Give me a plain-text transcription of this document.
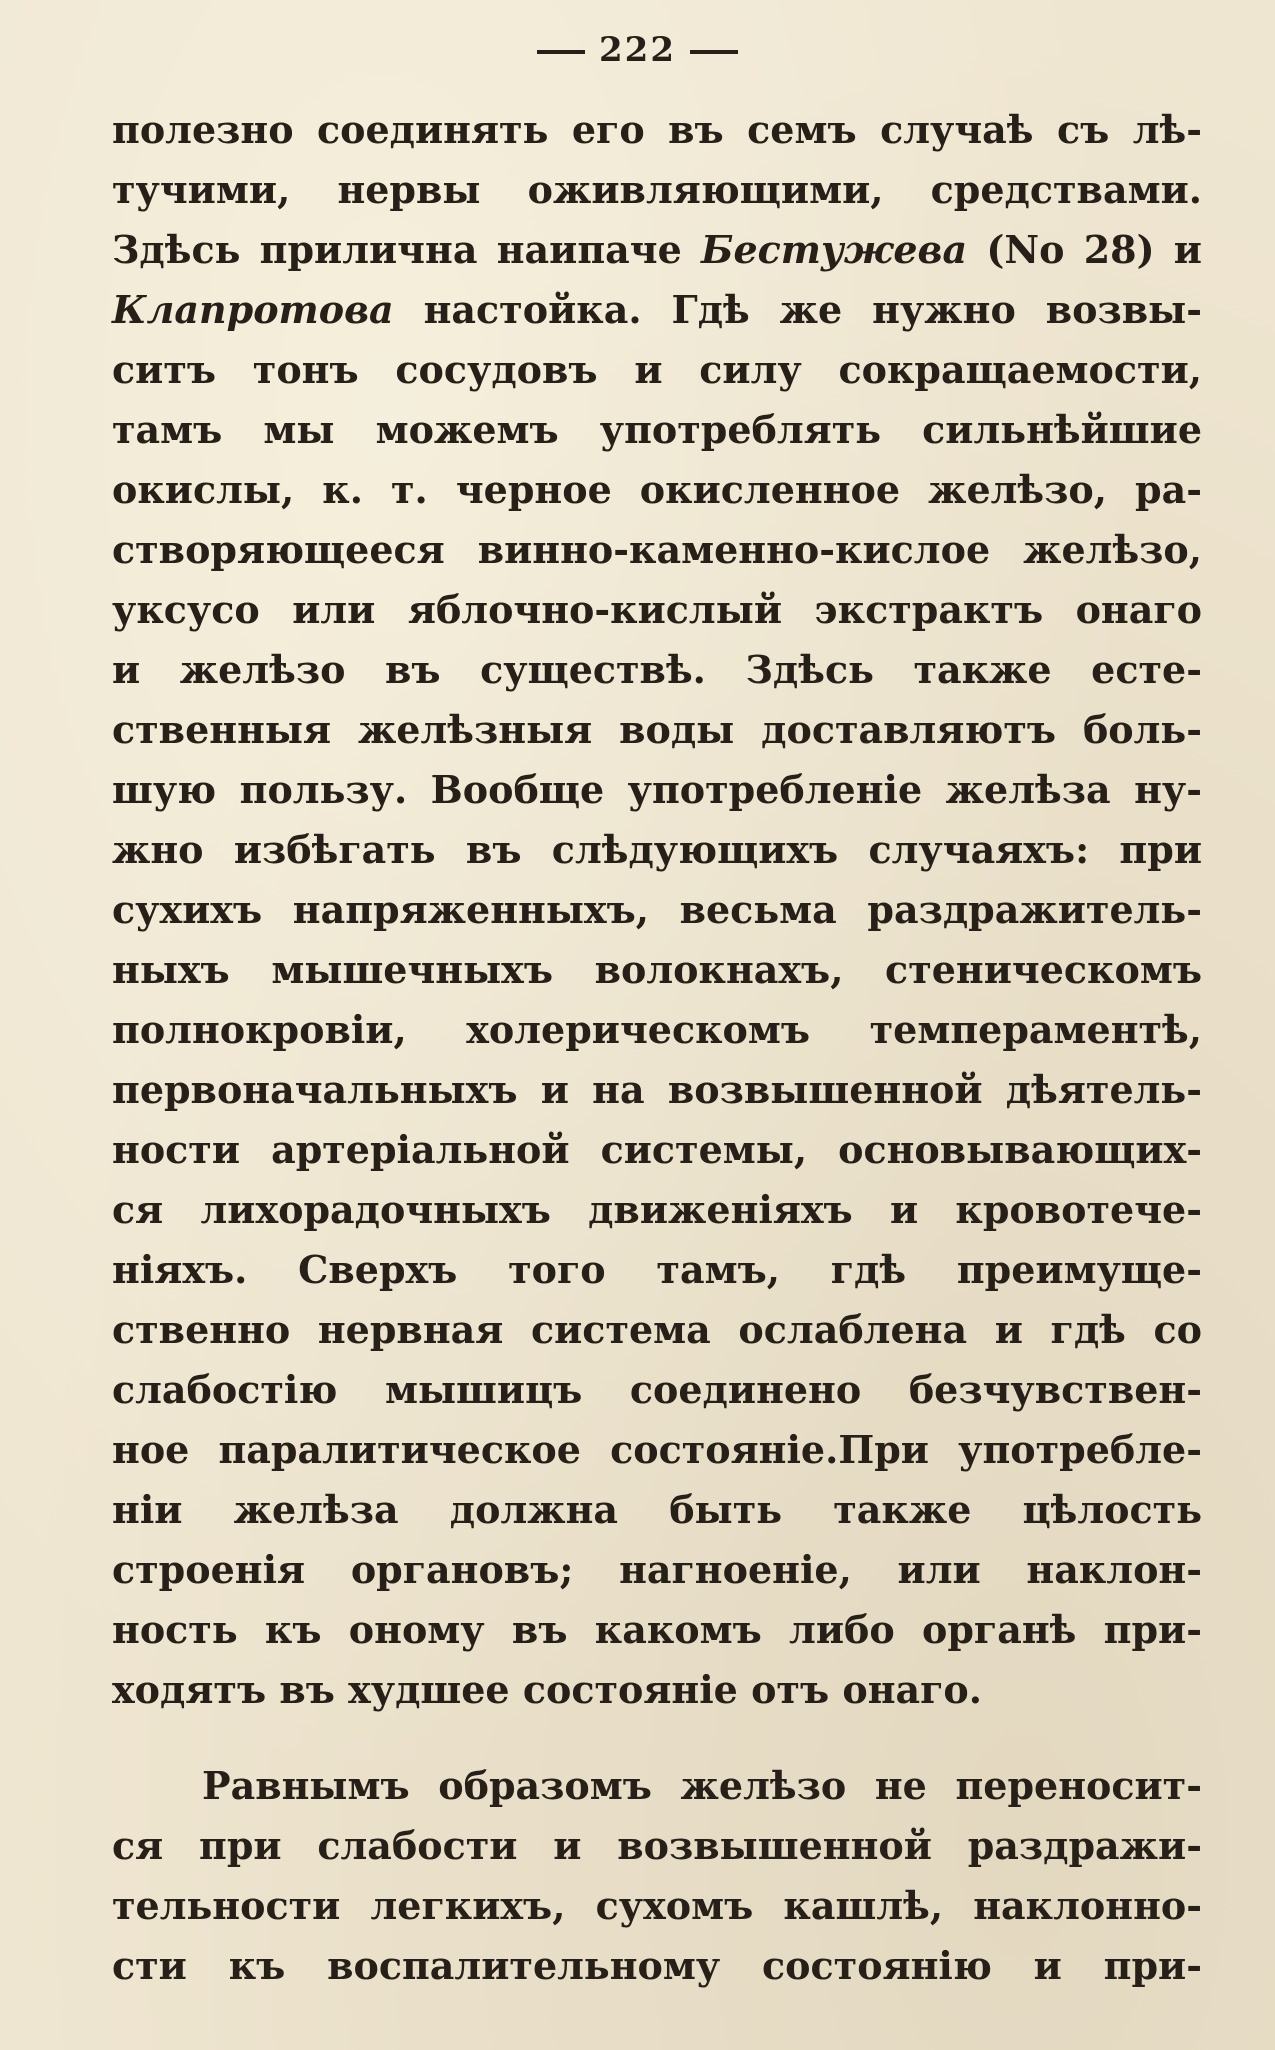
222
полезно соединять его въ семъ случаѣ съ лѣ-
тучими, нервы оживляющими, средствами.
Здѣсь прилична наипаче Бестужева (No 28) и
Клапротова настойка. Гдѣ же нужно возвы-
ситъ тонъ сосудовъ и силу сокращаемости,
тамъ мы можемъ употреблять сильнѣйшие
окислы, к. т. черное окисленное желѣзо, ра-
створяющееся винно-каменно-кислое желѣзо,
уксусо или яблочно-кислый экстрактъ онаго
и желѣзо въ существѣ. Здѣсь также есте-
ственныя желѣзныя воды доставляютъ боль-
шую пользу. Вообще употребленіе желѣза ну-
жно избѣгать въ слѣдующихъ случаяхъ: при
сухихъ напряженныхъ, весьма раздражитель-
ныхъ мышечныхъ волокнахъ, стеническомъ
полнокровіи, холерическомъ темпераментѣ,
первоначальныхъ и на возвышенной дѣятель-
ности артеріальной системы, основывающих-
ся лихорадочныхъ движеніяхъ и кровотече-
ніяхъ. Сверхъ того тамъ, гдѣ преимуще-
ственно нервная система ослаблена и гдѣ со
слабостію мышицъ соединено безчувствен-
ное паралитическое состояніе.При употребле-
ніи желѣза должна быть также цѣлость
строенія органовъ; нагноеніе, или наклон-
ность къ оному въ какомъ либо органѣ при-
ходятъ въ худшее состояніе отъ онаго.
Равнымъ образомъ желѣзо не переносит-
ся при слабости и возвышенной раздражи-
тельности легкихъ, сухомъ кашлѣ, наклонно-
сти къ воспалительному состоянію и при-
